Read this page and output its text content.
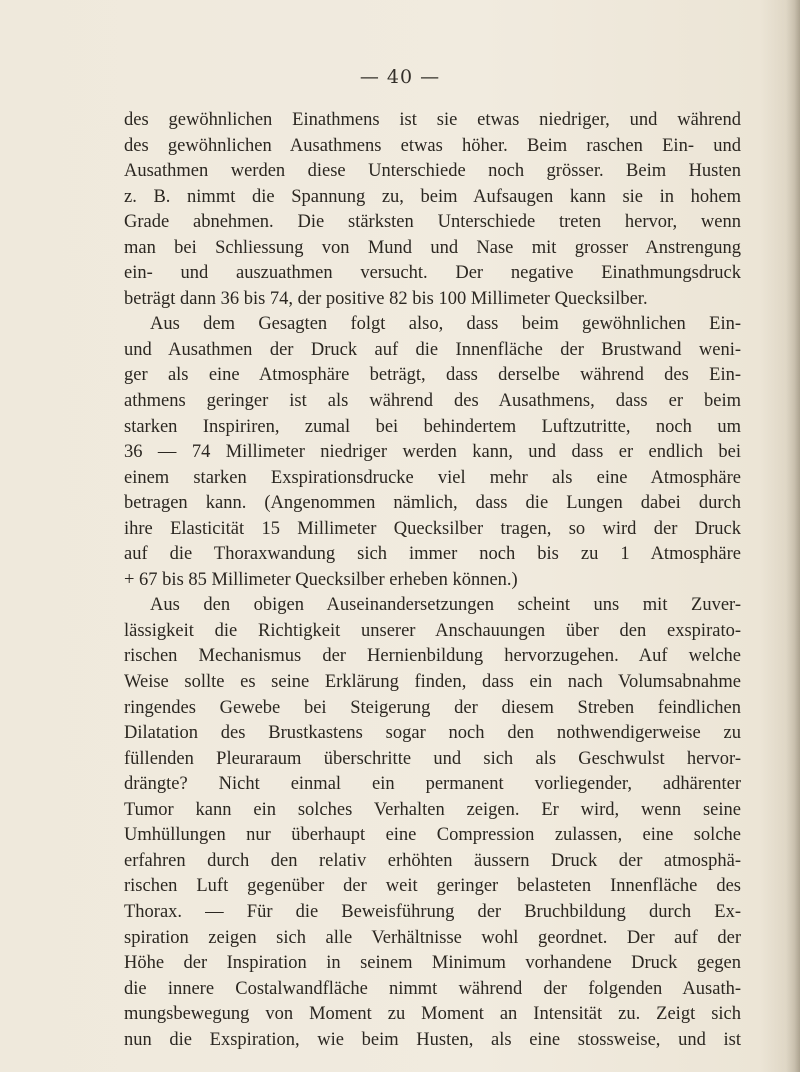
— 40 —
des gewöhnlichen Einathmens ist sie etwas niedriger, und während
des gewöhnlichen Ausathmens etwas höher. Beim raschen Ein- und
Ausathmen werden diese Unterschiede noch grösser. Beim Husten
z. B. nimmt die Spannung zu, beim Aufsaugen kann sie in hohem
Grade abnehmen. Die stärksten Unterschiede treten hervor, wenn
man bei Schliessung von Mund und Nase mit grosser Anstrengung
ein- und auszuathmen versucht. Der negative Einathmungsdruck
beträgt dann 36 bis 74, der positive 82 bis 100 Millimeter Quecksilber.
Aus dem Gesagten folgt also, dass beim gewöhnlichen Ein-
und Ausathmen der Druck auf die Innenfläche der Brustwand weni-
ger als eine Atmosphäre beträgt, dass derselbe während des Ein-
athmens geringer ist als während des Ausathmens, dass er beim
starken Inspiriren, zumal bei behindertem Luftzutritte, noch um
36 — 74 Millimeter niedriger werden kann, und dass er endlich bei
einem starken Exspirationsdrucke viel mehr als eine Atmosphäre
betragen kann. (Angenommen nämlich, dass die Lungen dabei durch
ihre Elasticität 15 Millimeter Quecksilber tragen, so wird der Druck
auf die Thoraxwandung sich immer noch bis zu 1 Atmosphäre
+ 67 bis 85 Millimeter Quecksilber erheben können.)
Aus den obigen Auseinandersetzungen scheint uns mit Zuver-
lässigkeit die Richtigkeit unserer Anschauungen über den exspirato-
rischen Mechanismus der Hernienbildung hervorzugehen. Auf welche
Weise sollte es seine Erklärung finden, dass ein nach Volumsabnahme
ringendes Gewebe bei Steigerung der diesem Streben feindlichen
Dilatation des Brustkastens sogar noch den nothwendigerweise zu
füllenden Pleuraraum überschritte und sich als Geschwulst hervor-
drängte? Nicht einmal ein permanent vorliegender, adhärenter
Tumor kann ein solches Verhalten zeigen. Er wird, wenn seine
Umhüllungen nur überhaupt eine Compression zulassen, eine solche
erfahren durch den relativ erhöhten äussern Druck der atmosphä-
rischen Luft gegenüber der weit geringer belasteten Innenfläche des
Thorax. — Für die Beweisführung der Bruchbildung durch Ex-
spiration zeigen sich alle Verhältnisse wohl geordnet. Der auf der
Höhe der Inspiration in seinem Minimum vorhandene Druck gegen
die innere Costalwandfläche nimmt während der folgenden Ausath-
mungsbewegung von Moment zu Moment an Intensität zu. Zeigt sich
nun die Exspiration, wie beim Husten, als eine stossweise, und ist
